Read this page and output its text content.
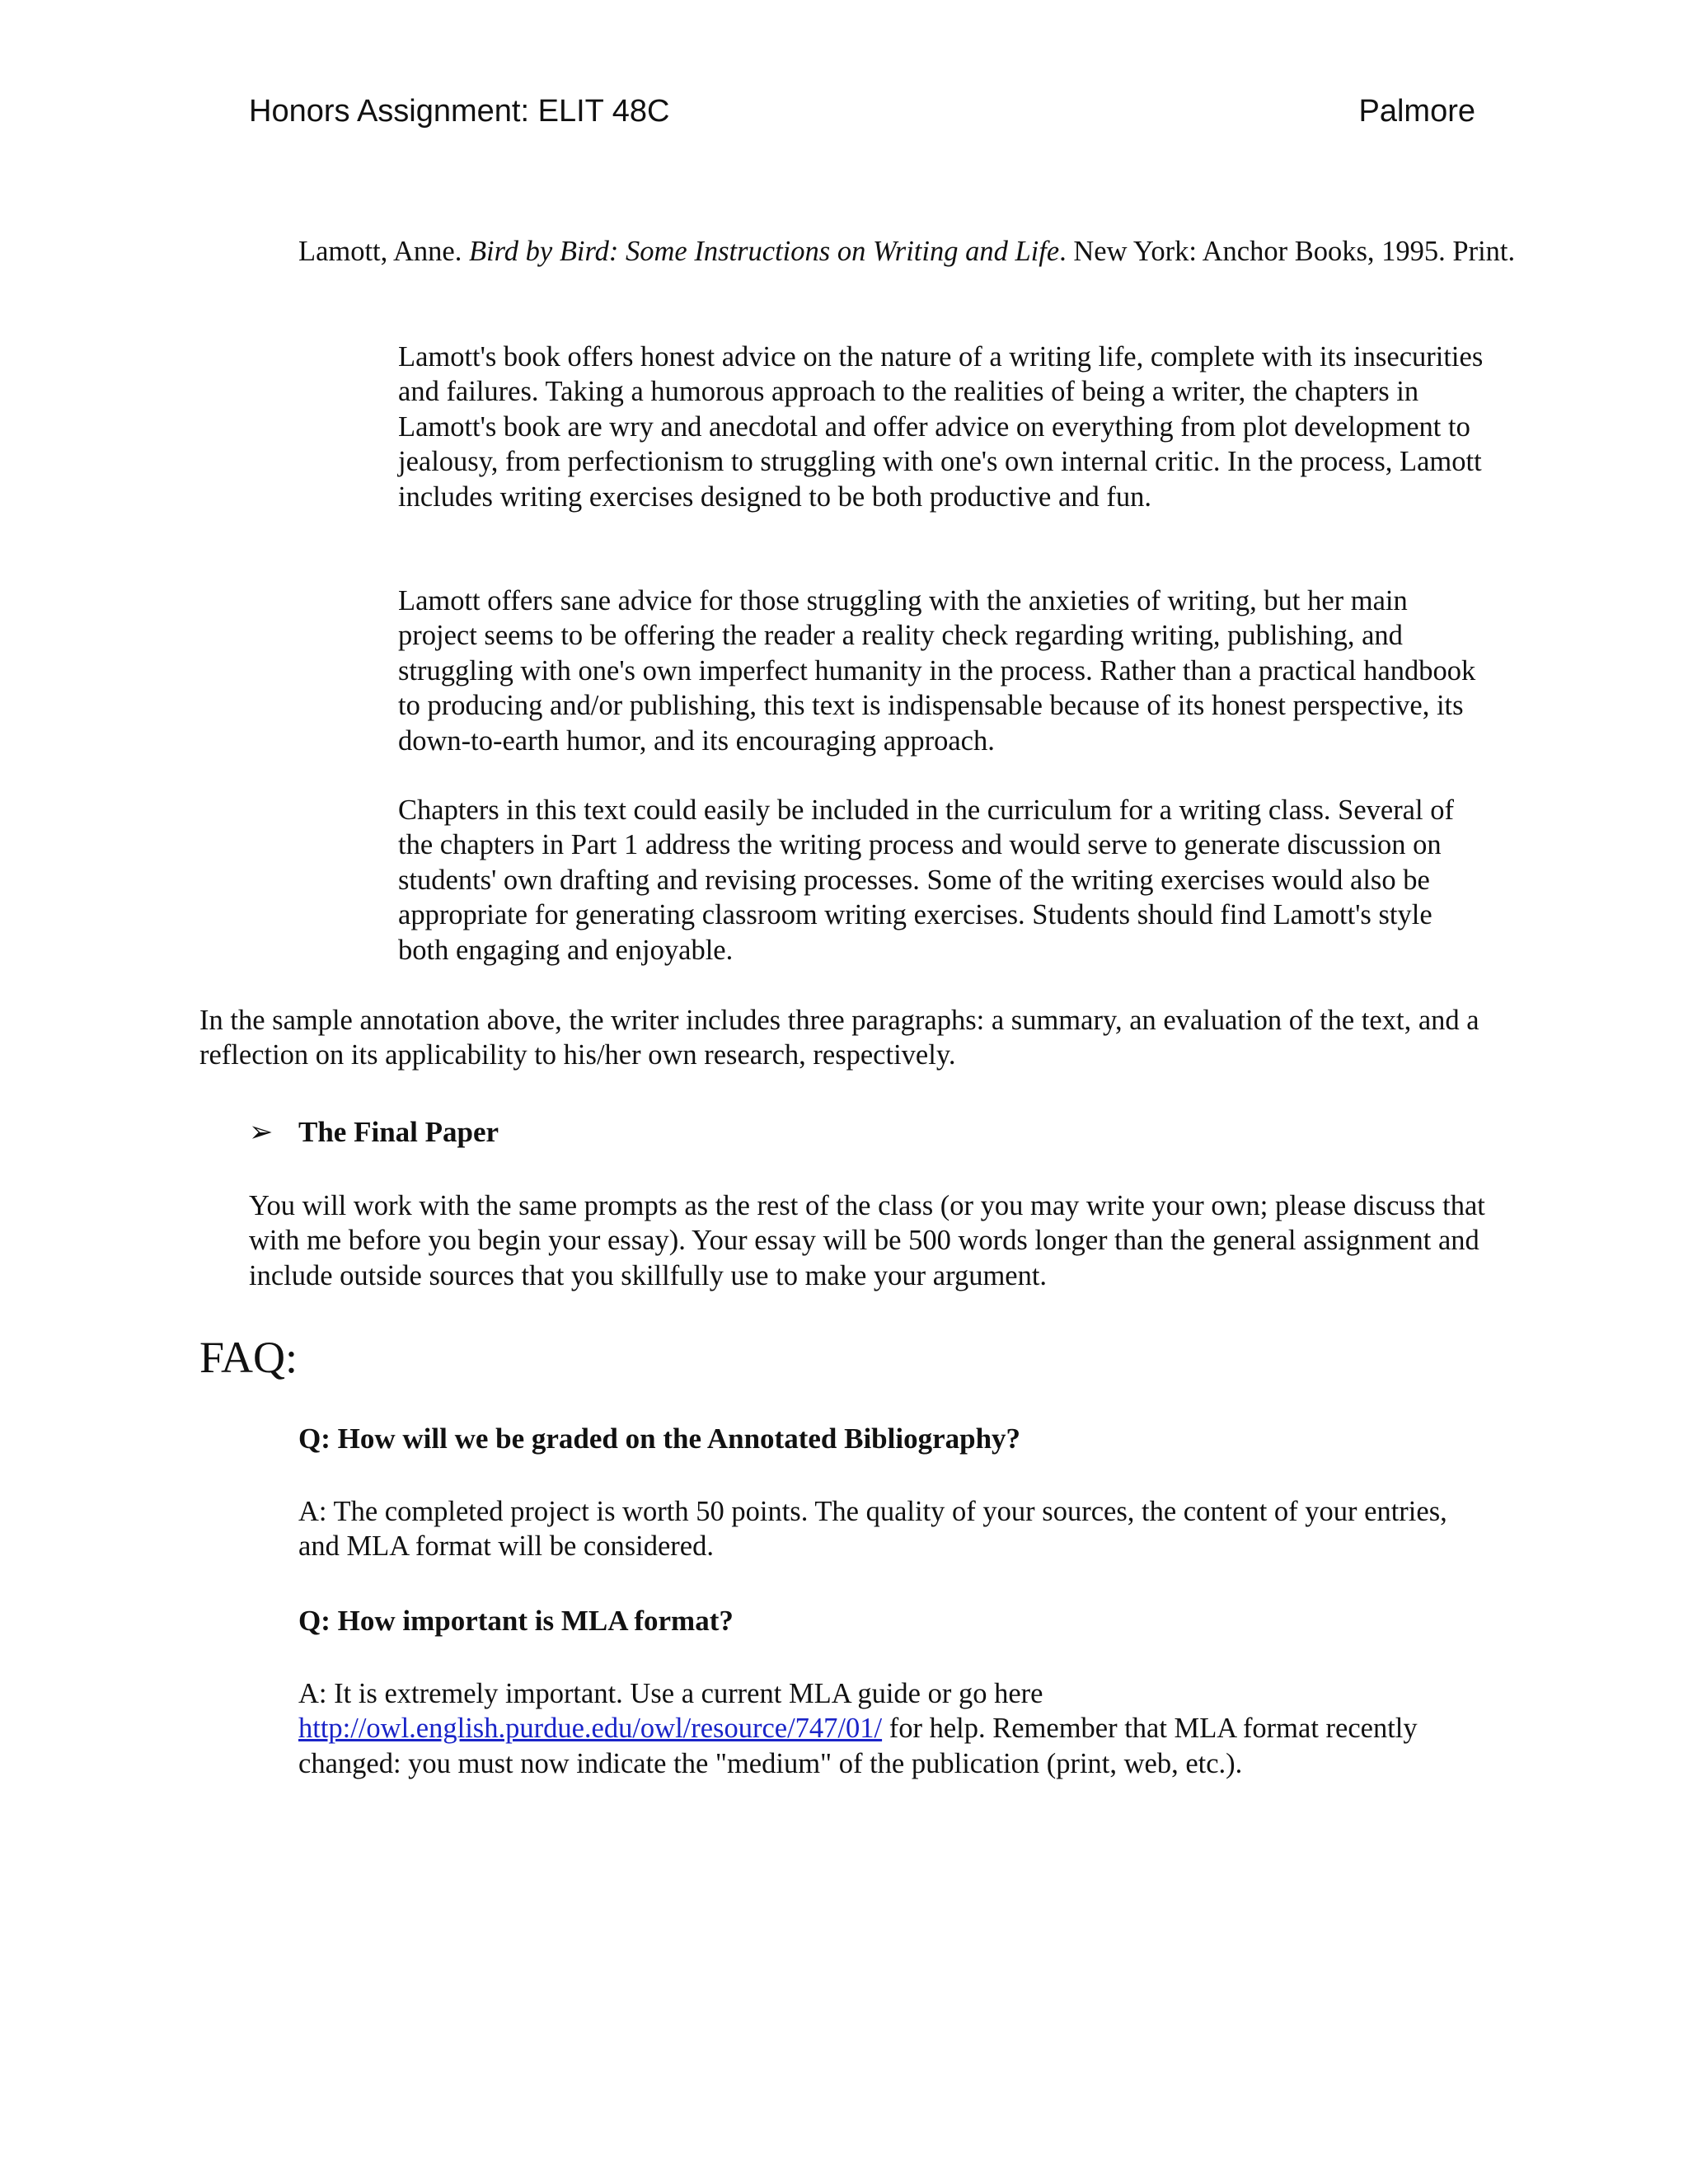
Honors Assignment: ELIT 48C	Palmore

Lamott, Anne. Bird by Bird: Some Instructions on Writing and Life. New York: Anchor Books, 1995. Print.

Lamott's book offers honest advice on the nature of a writing life, complete with its insecurities and failures. Taking a humorous approach to the realities of being a writer, the chapters in Lamott's book are wry and anecdotal and offer advice on everything from plot development to jealousy, from perfectionism to struggling with one's own internal critic. In the process, Lamott includes writing exercises designed to be both productive and fun.

Lamott offers sane advice for those struggling with the anxieties of writing, but her main project seems to be offering the reader a reality check regarding writing, publishing, and struggling with one's own imperfect humanity in the process. Rather than a practical handbook to producing and/or publishing, this text is indispensable because of its honest perspective, its down-to-earth humor, and its encouraging approach.

Chapters in this text could easily be included in the curriculum for a writing class. Several of the chapters in Part 1 address the writing process and would serve to generate discussion on students' own drafting and revising processes. Some of the writing exercises would also be appropriate for generating classroom writing exercises. Students should find Lamott's style both engaging and enjoyable.

In the sample annotation above, the writer includes three paragraphs: a summary, an evaluation of the text, and a reflection on its applicability to his/her own research, respectively.

➢ The Final Paper

You will work with the same prompts as the rest of the class (or you may write your own; please discuss that with me before you begin your essay). Your essay will be 500 words longer than the general assignment and include outside sources that you skillfully use to make your argument.

FAQ:
Q: How will we be graded on the Annotated Bibliography?

A: The completed project is worth 50 points. The quality of your sources, the content of your entries, and MLA format will be considered.

Q: How important is MLA format?

A: It is extremely important. Use a current MLA guide or go here http://owl.english.purdue.edu/owl/resource/747/01/ for help. Remember that MLA format recently changed: you must now indicate the "medium" of the publication (print, web, etc.).
